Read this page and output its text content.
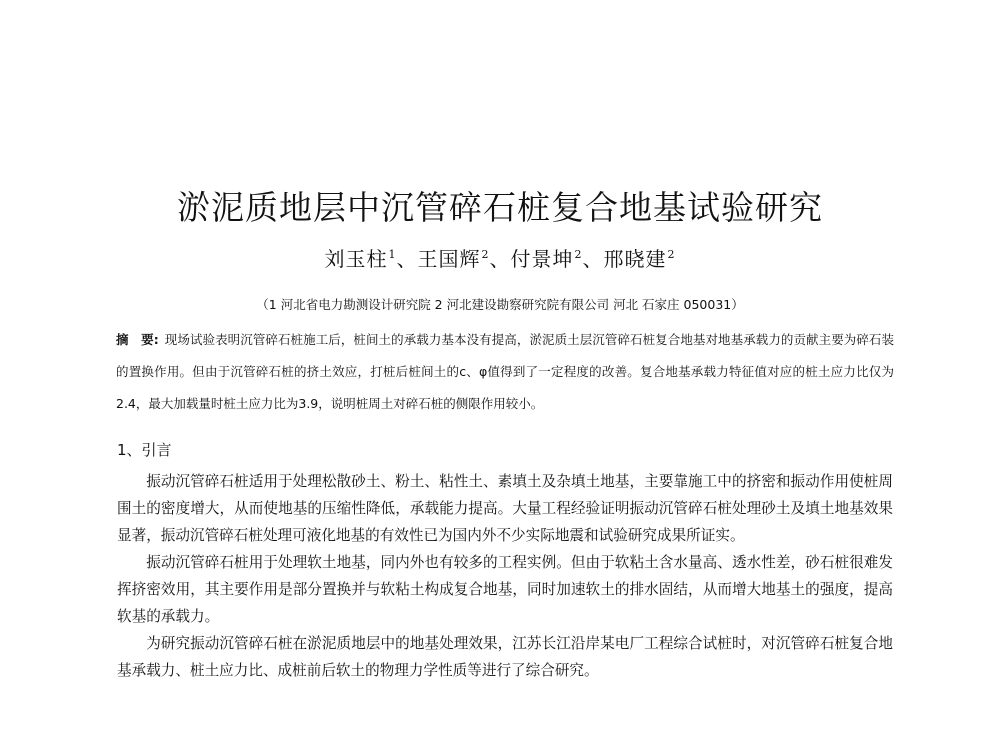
淤泥质地层中沉管碎石桩复合地基试验研究
刘玉柱$^1$、王国辉$^2$、付景坤$^2$、邢晓建$^2$
（1 河北省电力勘测设计研究院 2 河北建设勘察研究院有限公司 河北 石家庄 050031）
摘　要: 现场试验表明沉管碎石桩施工后，桩间土的承载力基本没有提高，淤泥质土层沉管碎石桩复合地基对地基承载力的贡献主要为碎石装的置换作用。但由于沉管碎石桩的挤土效应，打桩后桩间土的c、φ值得到了一定程度的改善。复合地基承载力特征值对应的桩土应力比仅为2.4，最大加载量时桩土应力比为3.9，说明桩周土对碎石桩的侧限作用较小。
1、引言

振动沉管碎石桩适用于处理松散砂土、粉土、粘性土、素填土及杂填土地基，主要靠施工中的挤密和振动作用使桩周围土的密度增大，从而使地基的压缩性降低，承载能力提高。大量工程经验证明振动沉管碎石桩处理砂土及填土地基效果显著，振动沉管碎石桩处理可液化地基的有效性已为国内外不少实际地震和试验研究成果所证实。

振动沉管碎石桩用于处理软土地基，同内外也有较多的工程实例。但由于软粘土含水量高、透水性差，砂石桩很难发挥挤密效用，其主要作用是部分置换并与软粘土构成复合地基，同时加速软土的排水固结，从而增大地基土的强度，提高软基的承载力。

为研究振动沉管碎石桩在淤泥质地层中的地基处理效果，江苏长江沿岸某电厂工程综合试桩时，对沉管碎石桩复合地基承载力、桩土应力比、成桩前后软土的物理力学性质等进行了综合研究。
